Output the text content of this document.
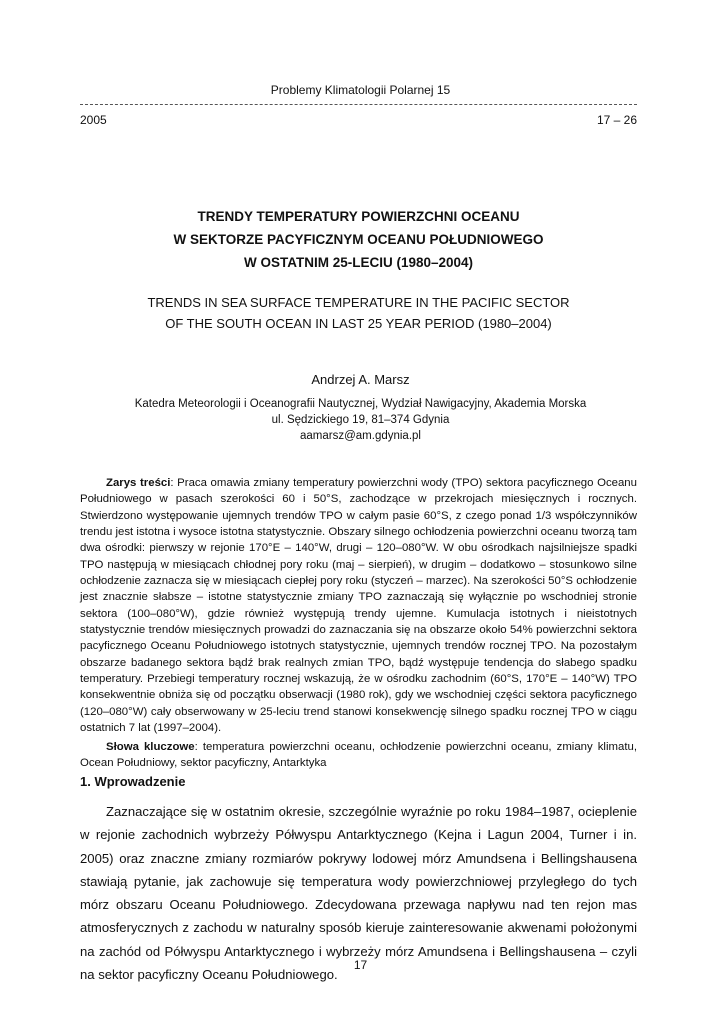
Problemy Klimatologii Polarnej 15
2005	17 – 26
TRENDY TEMPERATURY POWIERZCHNI OCEANU
W SEKTORZE PACYFICZNYM OCEANU POŁUDNIOWEGO
W OSTATNIM 25-LECIU (1980–2004)
TRENDS IN SEA SURFACE TEMPERATURE IN THE PACIFIC SECTOR
OF THE SOUTH OCEAN IN LAST 25 YEAR PERIOD (1980–2004)
Andrzej A. Marsz
Katedra Meteorologii i Oceanografii Nautycznej, Wydział Nawigacyjny, Akademia Morska
ul. Sędzickiego 19, 81–374 Gdynia
aamarsz@am.gdynia.pl

Zarys treści: Praca omawia zmiany temperatury powierzchni wody (TPO) sektora pacyficznego Oceanu Południowego w pasach szerokości 60 i 50°S, zachodzące w przekrojach miesięcznych i rocznych. Stwierdzono występowanie ujemnych trendów TPO w całym pasie 60°S, z czego ponad 1/3 współczynników trendu jest istotna i wysoce istotna statystycznie. Obszary silnego ochłodzenia powierzchni oceanu tworzą tam dwa ośrodki: pierwszy w rejonie 170°E – 140°W, drugi – 120–080°W. W obu ośrodkach najsilniejsze spadki TPO następują w miesiącach chłodnej pory roku (maj – sierpień), w drugim – dodatkowo – stosunkowo silne ochłodzenie zaznacza się w miesiącach ciepłej pory roku (styczeń – marzec). Na szerokości 50°S ochłodzenie jest znacznie słabsze – istotne statystycznie zmiany TPO zaznaczają się wyłącznie po wschodniej stronie sektora (100–080°W), gdzie również występują trendy ujemne. Kumulacja istotnych i nieistotnych statystycznie trendów miesięcznych prowadzi do zaznaczania się na obszarze około 54% powierzchni sektora pacyficznego Oceanu Południowego istotnych statystycznie, ujemnych trendów rocznej TPO. Na pozostałym obszarze badanego sektora bądź brak realnych zmian TPO, bądź występuje tendencja do słabego spadku temperatury. Przebiegi temperatury rocznej wskazują, że w ośrodku zachodnim (60°S, 170°E – 140°W) TPO konsekwentnie obniża się od początku obserwacji (1980 rok), gdy we wschodniej części sektora pacyficznego (120–080°W) cały obserwowany w 25-leciu trend stanowi konsekwencję silnego spadku rocznej TPO w ciągu ostatnich 7 lat (1997–2004).

Słowa kluczowe: temperatura powierzchni oceanu, ochłodzenie powierzchni oceanu, zmiany klimatu, Ocean Południowy, sektor pacyficzny, Antarktyka

1. Wprowadzenie

Zaznaczające się w ostatnim okresie, szczególnie wyraźnie po roku 1984–1987, ocieplenie w rejonie zachodnich wybrzeży Półwyspu Antarktycznego (Kejna i Lagun 2004, Turner i in. 2005) oraz znaczne zmiany rozmiarów pokrywy lodowej mórz Amundsena i Bellingshausena stawiają pytanie, jak zachowuje się temperatura wody powierzchniowej przyległego do tych mórz obszaru Oceanu Południowego. Zdecydowana przewaga napływu nad ten rejon mas atmosferycznych z zachodu w naturalny sposób kieruje zainteresowanie akwenami położonymi na zachód od Półwyspu Antarktycznego i wybrzeży mórz Amundsena i Bellingshausena – czyli na sektor pacyficzny Oceanu Południowego.

17
